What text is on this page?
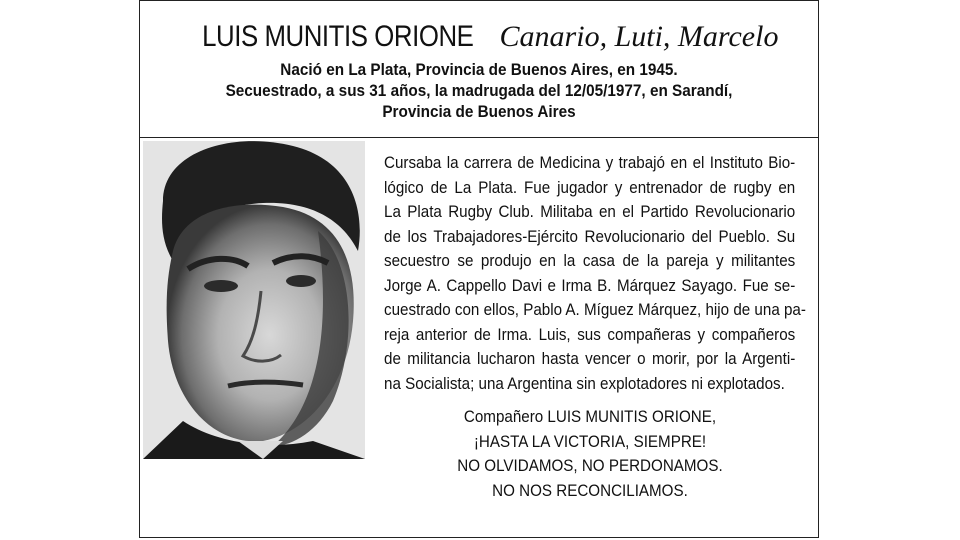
LUIS MUNITIS ORIONE Canario, Luti, Marcelo
Nació en La Plata, Provincia de Buenos Aires, en 1945.
Secuestrado, a sus 31 años, la madrugada del 12/05/1977, en Sarandí,
Provincia de Buenos Aires
Cursaba la carrera de Medicina y trabajó en el Instituto Bio-
lógico de La Plata. Fue jugador y entrenador de rugby en
La Plata Rugby Club. Militaba en el Partido Revolucionario
de los Trabajadores-Ejército Revolucionario del Pueblo. Su
secuestro se produjo en la casa de la pareja y militantes
Jorge A. Cappello Davi e Irma B. Márquez Sayago. Fue se-
cuestrado con ellos, Pablo A. Míguez Márquez, hijo de una pa-
reja anterior de Irma. Luis, sus compañeras y compañeros
de militancia lucharon hasta vencer o morir, por la Argenti-
na Socialista; una Argentina sin explotadores ni explotados.
Compañero LUIS MUNITIS ORIONE,
¡HASTA LA VICTORIA, SIEMPRE!
NO OLVIDAMOS, NO PERDONAMOS.
NO NOS RECONCILIAMOS.
